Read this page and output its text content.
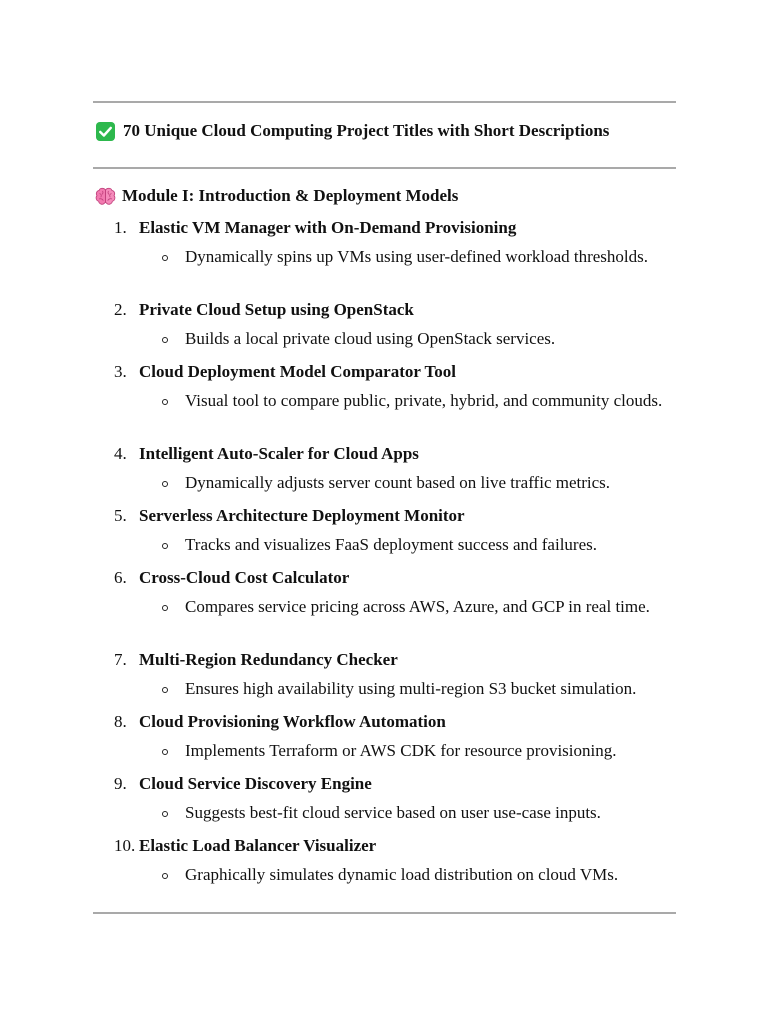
70 Unique Cloud Computing Project Titles with Short Descriptions
Module I: Introduction & Deployment Models
1. Elastic VM Manager with On-Demand Provisioning
Dynamically spins up VMs using user-defined workload thresholds.
2. Private Cloud Setup using OpenStack
Builds a local private cloud using OpenStack services.
3. Cloud Deployment Model Comparator Tool
Visual tool to compare public, private, hybrid, and community clouds.
4. Intelligent Auto-Scaler for Cloud Apps
Dynamically adjusts server count based on live traffic metrics.
5. Serverless Architecture Deployment Monitor
Tracks and visualizes FaaS deployment success and failures.
6. Cross-Cloud Cost Calculator
Compares service pricing across AWS, Azure, and GCP in real time.
7. Multi-Region Redundancy Checker
Ensures high availability using multi-region S3 bucket simulation.
8. Cloud Provisioning Workflow Automation
Implements Terraform or AWS CDK for resource provisioning.
9. Cloud Service Discovery Engine
Suggests best-fit cloud service based on user use-case inputs.
10. Elastic Load Balancer Visualizer
Graphically simulates dynamic load distribution on cloud VMs.
